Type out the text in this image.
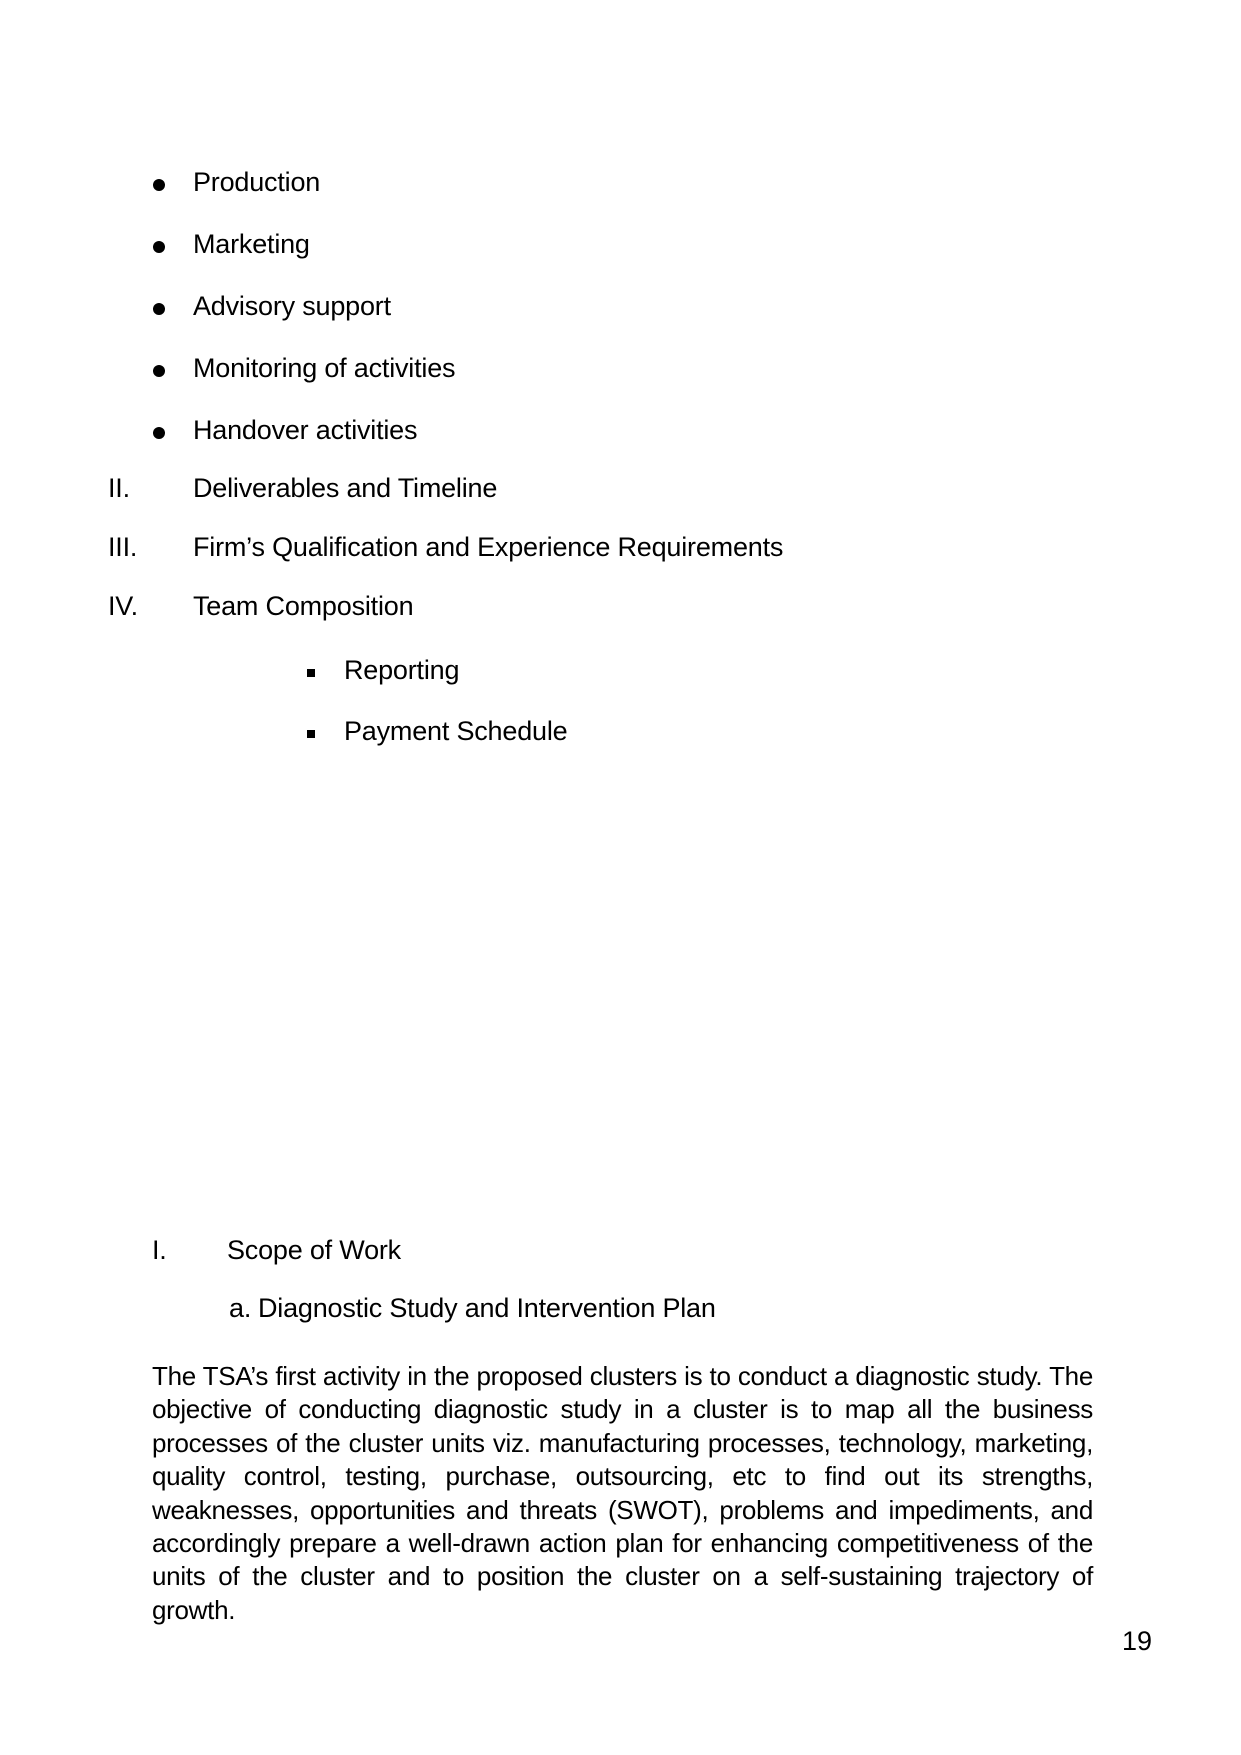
Production
Marketing
Advisory support
Monitoring of activities
Handover activities
II. Deliverables and Timeline
III. Firm’s Qualification and Experience Requirements
IV. Team Composition
Reporting
Payment Schedule
I. Scope of Work
a. Diagnostic Study and Intervention Plan
The TSA’s first activity in the proposed clusters is to conduct a diagnostic study. The objective of conducting diagnostic study in a cluster is to map all the business processes of the cluster units viz. manufacturing processes, technology, marketing, quality control, testing, purchase, outsourcing, etc to find out its strengths, weaknesses, opportunities and threats (SWOT), problems and impediments, and accordingly prepare a well-drawn action plan for enhancing competitiveness of the units of the cluster and to position the cluster on a self-sustaining trajectory of growth.
19
